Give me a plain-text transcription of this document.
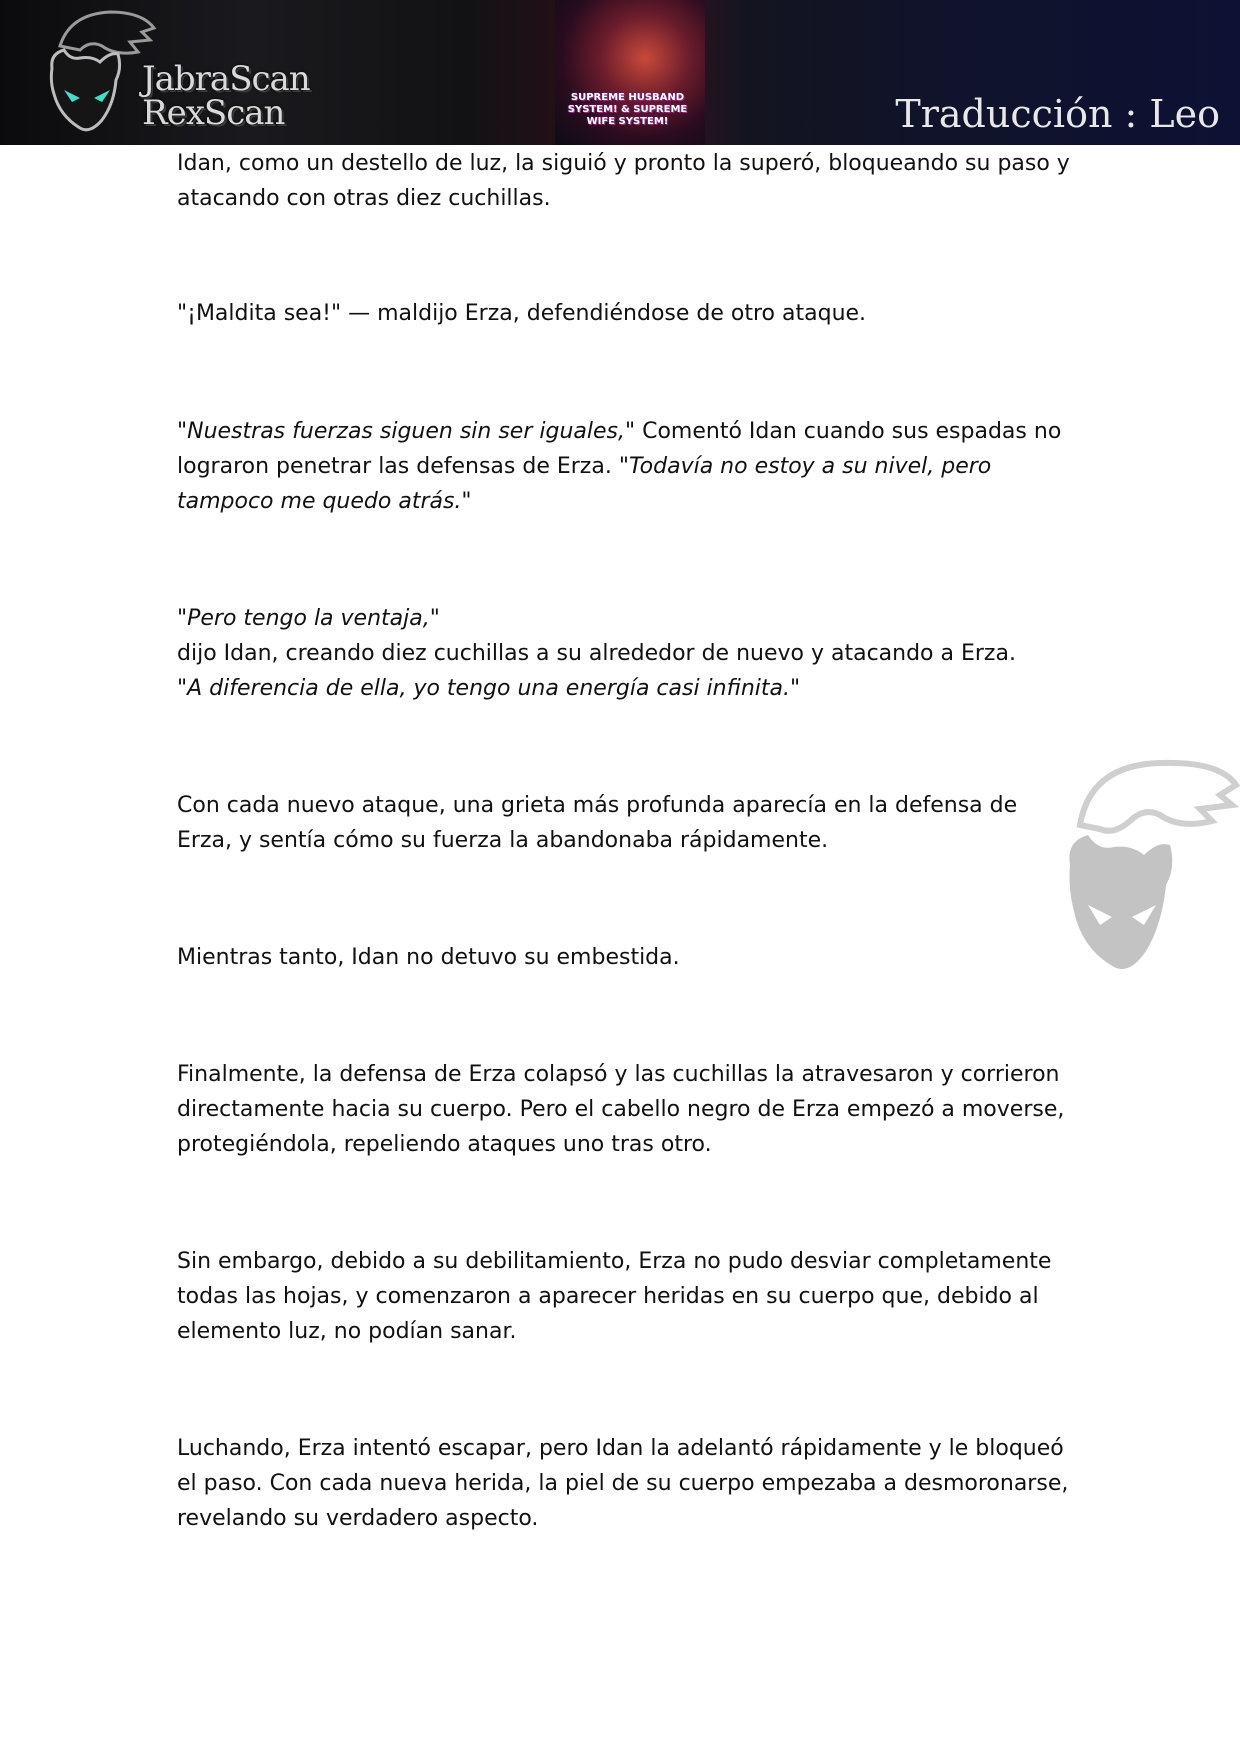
JabraScan
RexScan	SUPREME HUSBAND SYSTEM! & SUPREME WIFE SYSTEM!	Traducción : Leo

Idan, como un destello de luz, la siguió y pronto la superó, bloqueando su paso y atacando con otras diez cuchillas.

"¡Maldita sea!" — maldijo Erza, defendiéndose de otro ataque.

"Nuestras fuerzas siguen sin ser iguales," Comentó Idan cuando sus espadas no lograron penetrar las defensas de Erza. "Todavía no estoy a su nivel, pero tampoco me quedo atrás."

"Pero tengo la ventaja,"
dijo Idan, creando diez cuchillas a su alrededor de nuevo y atacando a Erza.
"A diferencia de ella, yo tengo una energía casi infinita."

Con cada nuevo ataque, una grieta más profunda aparecía en la defensa de Erza, y sentía cómo su fuerza la abandonaba rápidamente.

Mientras tanto, Idan no detuvo su embestida.

Finalmente, la defensa de Erza colapsó y las cuchillas la atravesaron y corrieron directamente hacia su cuerpo. Pero el cabello negro de Erza empezó a moverse, protegiéndola, repeliendo ataques uno tras otro.

Sin embargo, debido a su debilitamiento, Erza no pudo desviar completamente todas las hojas, y comenzaron a aparecer heridas en su cuerpo que, debido al elemento luz, no podían sanar.

Luchando, Erza intentó escapar, pero Idan la adelantó rápidamente y le bloqueó el paso. Con cada nueva herida, la piel de su cuerpo empezaba a desmoronarse, revelando su verdadero aspecto.
